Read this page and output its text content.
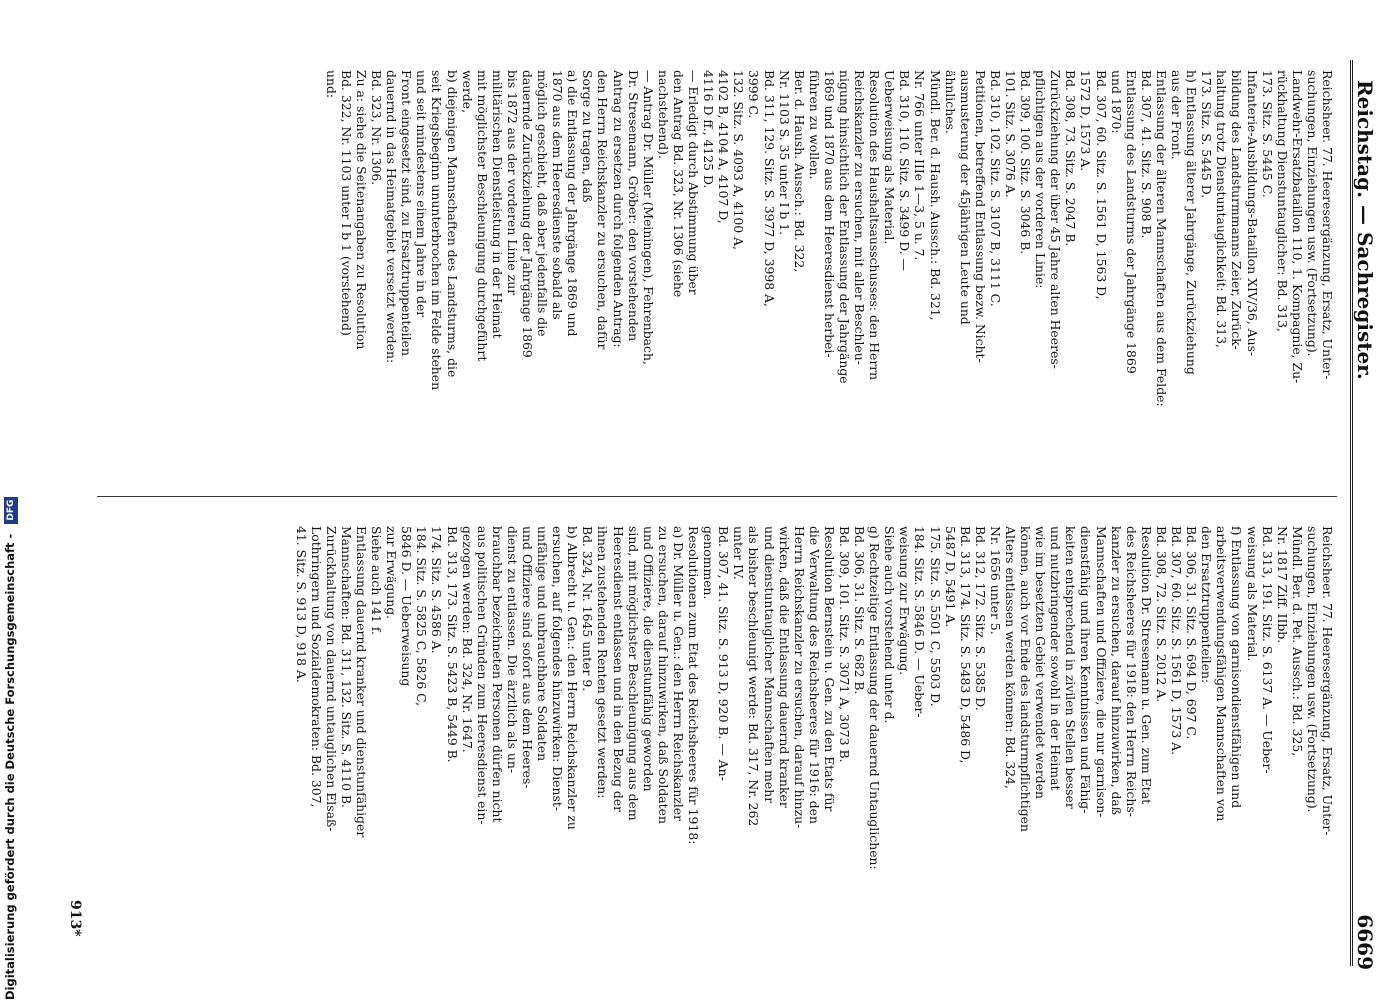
Reichstag. — Sachregister.
6669
Reichsheer. 77. Heeresergänzung, Ersatz, Unter-
suchungen, Einziehungen usw. (Fortsetzung).
Landwehr-Ersatzbataillon 110, 1. Kompagnie, Zu-
rückhaltung Dienstuntauglicher: Bd. 313,
173. Sitz. S. 5445 C.
Infanterie-Ausbildungs-Bataillon XIV/36, Aus-
bildung des Landsturmmanns Zeier, Zurück-
haltung trotz Dienstuntauglichkeit: Bd. 313,
173. Sitz. S. 5445 D.
h) Entlassung älterer Jahrgänge, Zurückziehung
aus der Front.
Entlassung der älteren Mannschaften aus dem Felde:
Bd. 307, 41. Sitz. S. 908 B.
Entlassung des Landsturms der Jahrgänge 1869
und 1870:
Bd. 307, 60. Sitz. S. 1561 D, 1563 D,
1572 D, 1573 A.
Bd. 308, 73. Sitz. S. 2047 B.
Zurückziehung der über 45 Jahre alten Heeres-
pflichtigen aus der vorderen Linie:
Bd. 309, 100. Sitz. S. 3046 B.
101. Sitz. S. 3076 A.
Bd. 310, 102. Sitz. S. 3107 B, 3111 C.
Petitionen, betreffend Entlassung bezw. Nicht-
ausmusterung der 45jährigen Leute und
ähnliches.
Mündl. Ber. d. Haush. Aussch.: Bd. 321,
Nr. 766 unter IIIe 1—3, 5 u. 7.
Bd. 310, 110. Sitz. S. 3499 D. —
Ueberweisung als Material.
Resolution des Haushaltsausschusses: den Herrn
Reichskanzler zu ersuchen, mit aller Beschleu-
nigung hinsichtlich der Entlassung der Jahrgänge
1869 und 1870 aus dem Heeresdienst herbei-
führen zu wollen.
Ber. d. Haush. Aussch.: Bd. 322,
Nr. 1103 S. 35 unter I b 1.
Bd. 311, 129. Sitz. S. 3977 D, 3998 A,
3999 C.
132. Sitz. S. 4093 A, 4100 A,
4102 B, 4104 A, 4107 D,
4116 D ff., 4125 D.
— Erledigt durch Abstimmung über
den Antrag Bd. 323, Nr. 1306 (siehe
nachstehend).
— Antrag Dr. Müller (Meiningen), Fehrenbach,
Dr. Stresemann, Gröber: den vorstehenden
Antrag zu ersetzen durch folgenden Antrag:
den Herrn Reichskanzler zu ersuchen, dafür
Sorge zu tragen, daß
a) die Entlassung der Jahrgänge 1869 und
1870 aus dem Heeresdienste sobald als
möglich geschieht, daß aber jedenfalls die
dauernde Zurückziehung der Jahrgänge 1869
bis 1872 aus der vorderen Linie zur
militärischen Dienstleistung in der Heimat
mit möglichster Beschleunigung durchgeführt
werde,
b) diejenigen Mannschaften des Landsturms, die
seit Kriegsbeginn ununterbrochen im Felde stehen
und seit mindestens einem Jahre in der
Front eingesetzt sind, zu Ersatztruppenteilen
dauernd in das Heimatgebiet versetzt werden:
Bd. 323, Nr. 1306.
Zu a: siehe die Seitenangaben zu Resolution
Bd. 322, Nr. 1103 unter I b 1 (vorstehend)
und:
Reichsheer. 77. Heeresergänzung, Ersatz, Unter-
suchungen, Einziehungen usw. (Fortsetzung).
Mündl. Ber. d. Pet. Aussch.: Bd. 325,
Nr. 1817 Ziff. IIbb.
Bd. 313, 191. Sitz. S. 6137 A. — Ueber-
weisung als Material.
f) Entlassung von garnisondienstfähigen und
arbeitsverwendungsfähigen Mannschaften von
den Ersatztruppenteilen:
Bd. 306, 31. Sitz. S. 694 D, 697 C.
Bd. 307, 60. Sitz. S. 1561 D, 1573 A.
Bd. 308, 72. Sitz. S. 2012 A.
Resolution Dr. Stresemann u. Gen. zum Etat
des Reichsheeres für 1918: den Herrn Reichs-
kanzler zu ersuchen, darauf hinzuwirken, daß
Mannschaften und Offiziere, die nur garnison-
dienstfähig und ihren Kenntnissen und Fähig-
keiten entsprechend in zivilen Stellen besser
und nutzbringender sowohl in der Heimat
wie im besetzten Gebiet verwendet werden
können, auch vor Ende des landsturmpflichtigen
Alters entlassen werden können: Bd. 324,
Nr. 1656 unter 5.
Bd. 312, 172. Sitz. S. 5385 D.
Bd. 313, 174. Sitz. S. 5483 D, 5486 D,
5487 D, 5491 A.
175. Sitz. S. 5501 C, 5503 D.
184. Sitz. S. 5846 D. — Ueber-
weisung zur Erwägung.
Siehe auch vorstehend unter d.
g) Rechtzeitige Entlassung der dauernd Untauglichen:
Bd. 306, 31. Sitz. S. 682 B.
Bd. 309, 101. Sitz. S. 3071 A, 3073 B.
Resolution Bernstein u. Gen. zu den Etats für
die Verwaltung des Reichsheeres für 1916: den
Herrn Reichskanzler zu ersuchen, darauf hinzu-
wirken, daß die Entlassung dauernd kranker
und dienstuntauglicher Mannschaften mehr
als bisher beschleunigt werde: Bd. 317, Nr. 262
unter IV.
Bd. 307, 41. Sitz. S. 913 D, 920 B. — An-
genommen.
Resolutionen zum Etat des Reichsheeres für 1918:
a) Dr. Müller u. Gen.: den Herrn Reichskanzler
zu ersuchen, darauf hinzuwirken, daß Soldaten
und Offiziere, die dienstunfähig geworden
sind, mit möglichster Beschleunigung aus dem
Heeresdienst entlassen und in den Bezug der
ihnen zustehenden Renten gesetzt werden:
Bd. 324, Nr. 1645 unter 9.
b) Albrecht u. Gen.: den Herrn Reichskanzler zu
ersuchen, auf folgendes hinzuwirken: Dienst-
unfähige und unbrauchbare Soldaten
und Offiziere sind sofort aus dem Heeres-
dienst zu entlassen. Die ärztlich als un-
brauchbar bezeichneten Personen dürfen nicht
aus politischen Gründen zum Heeresdienst ein-
gezogen werden: Bd. 324, Nr. 1647.
Bd. 313, 173. Sitz. S. 5423 B, 5449 B.
174. Sitz. S. 4586 A.
184. Sitz. S. 5825 C, 5826 C,
5846 D. — Ueberweisung
zur Erwägung.
Siehe auch 141 f.
Entlassung dauernd kranker und dienstunfähiger
Mannschaften: Bd. 311, 132. Sitz. S. 4110 B.
Zurückhaltung von dauernd untauglichen Elsaß-
Lothringern und Sozialdemokraten: Bd. 307,
41. Sitz. S. 913 D, 918 A.
913*
Digitalisierung gefördert durch die Deutsche Forschungsgemeinschaft - DFG
